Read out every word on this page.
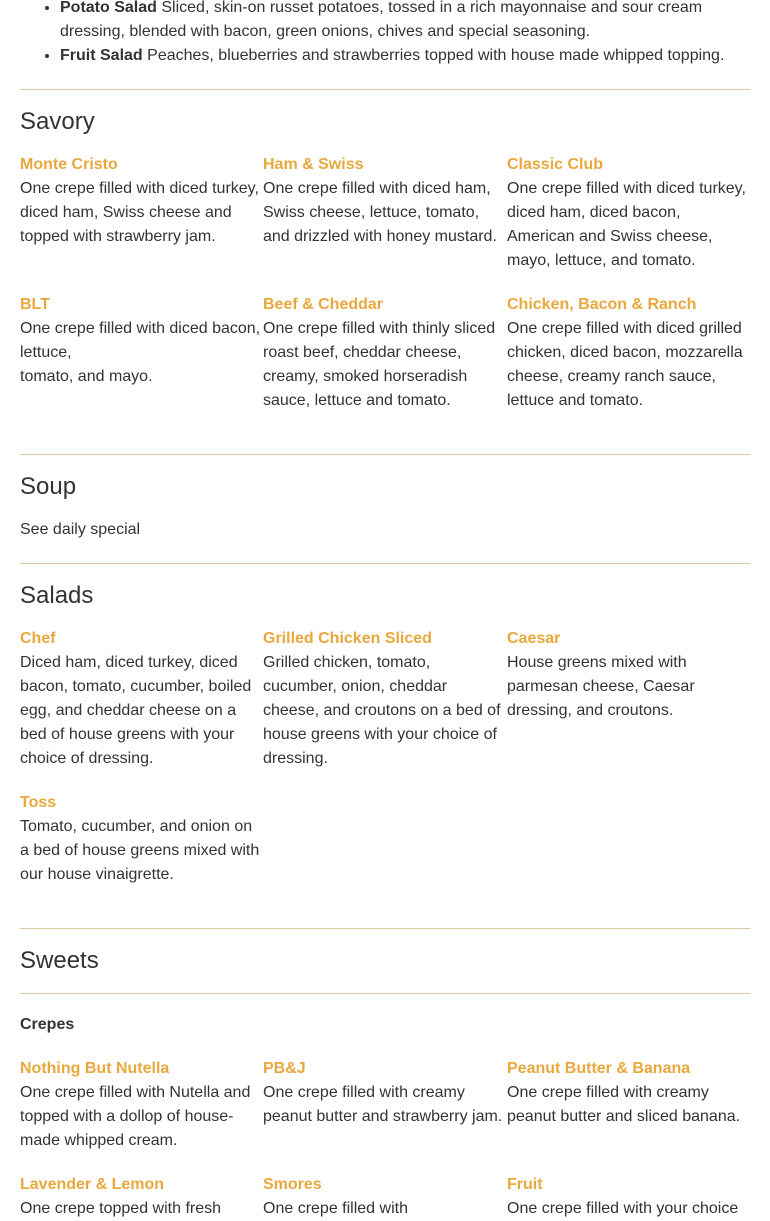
• Potato Salad Sliced, skin-on russet potatoes, tossed in a rich mayonnaise and sour cream dressing, blended with bacon, green onions, chives and special seasoning.
• Fruit Salad Peaches, blueberries and strawberries topped with house made whipped topping.
Savory
Monte Cristo
One crepe filled with diced turkey, diced ham, Swiss cheese and topped with strawberry jam.
Ham & Swiss
One crepe filled with diced ham, Swiss cheese, lettuce, tomato, and drizzled with honey mustard.
Classic Club
One crepe filled with diced turkey, diced ham, diced bacon, American and Swiss cheese, mayo, lettuce, and tomato.
BLT
One crepe filled with diced bacon, lettuce,
tomato, and mayo.
Beef & Cheddar
One crepe filled with thinly sliced roast beef, cheddar cheese, creamy, smoked horseradish sauce, lettuce and tomato.
Chicken, Bacon & Ranch
One crepe filled with diced grilled chicken, diced bacon, mozzarella cheese, creamy ranch sauce, lettuce and tomato.
Soup
See daily special
Salads
Chef
Diced ham, diced turkey, diced bacon, tomato, cucumber, boiled egg, and cheddar cheese on a bed of house greens with your choice of dressing.
Grilled Chicken Sliced
Grilled chicken, tomato, cucumber, onion, cheddar cheese, and croutons on a bed of house greens with your choice of dressing.
Caesar
House greens mixed with parmesan cheese, Caesar dressing, and croutons.
Toss
Tomato, cucumber, and onion on a bed of house greens mixed with our house vinaigrette.
Sweets
Crepes
Nothing But Nutella
One crepe filled with Nutella and topped with a dollop of house-made whipped cream.
PB&J
One crepe filled with creamy peanut butter and strawberry jam.
Peanut Butter & Banana
One crepe filled with creamy peanut butter and sliced banana.
Lavender & Lemon
One crepe topped with fresh
Smores
One crepe filled with
Fruit
One crepe filled with your choice
